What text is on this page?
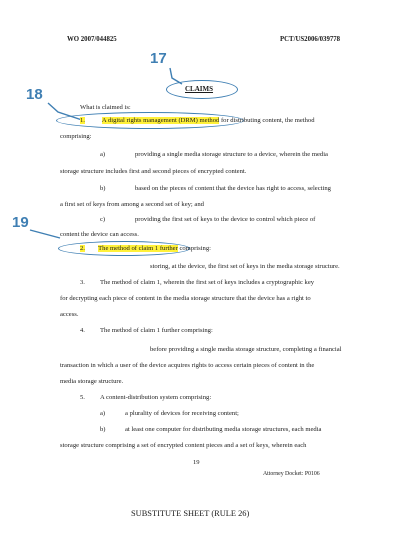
WO 2007/044825	PCT/US2006/039778
17
18
19
CLAIMS
What is claimed is:
1.	A digital rights management (DRM) method for distributing content, the method
comprising:
a)	providing a single media storage structure to a device, wherein the media
storage structure includes first and second pieces of encrypted content.
b)	based on the pieces of content that the device has right to access, selecting
a first set of keys from among a second set of key; and
c)	providing the first set of keys to the device to control which piece of
content the device can access.
2. The method of claim 1 further comprising:
storing, at the device, the first set of keys in the media storage structure.
3. The method of claim 1, wherein the first set of keys includes a cryptographic key
for decrypting each piece of content in the media storage structure that the device has a right to
access.
4. The method of claim 1 further comprising:
before providing a single media storage structure, completing a financial
transaction in which a user of the device acquires rights to access certain pieces of content in the
media storage structure.
5. A content-distribution system comprising:
a)	a plurality of devices for receiving content;
b)	at least one computer for distributing media storage structures, each media
storage structure comprising a set of encrypted content pieces and a set of keys, wherein each
19
Attorney Docket: P0106
SUBSTITUTE SHEET (RULE 26)
